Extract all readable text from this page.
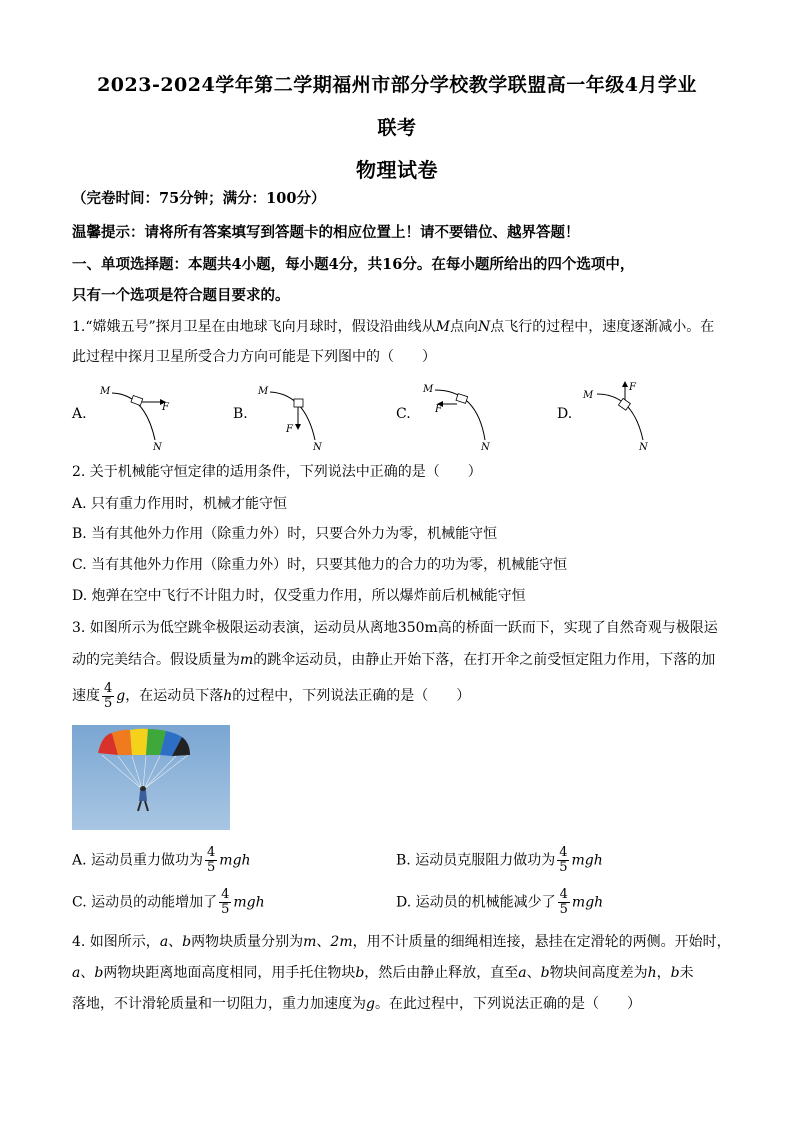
2023-2024学年第二学期福州市部分学校教学联盟高一年级4月学业
联考
物理试卷
（完卷时间：75分钟；满分：100分）
温馨提示：请将所有答案填写到答题卡的相应位置上！请不要错位、越界答题！
一、单项选择题：本题共4小题，每小题4分，共16分。在每小题所给出的四个选项中，
只有一个选项是符合题目要求的。
1.“嫦娥五号”探月卫星在由地球飞向月球时，假设沿曲线从M点向N点飞行的过程中，速度逐渐减小。在
此过程中探月卫星所受合力方向可能是下列图中的（　　）
A.
M
N
F	B.
M
N
F
C.
M
N
F	D.
M
N
F
2. 关于机械能守恒定律的适用条件，下列说法中正确的是（　　）
A. 只有重力作用时，机械才能守恒
B. 当有其他外力作用（除重力外）时，只要合外力为零，机械能守恒
C. 当有其他外力作用（除重力外）时，只要其他力的合力的功为零，机械能守恒
D. 炮弹在空中飞行不计阻力时，仅受重力作用，所以爆炸前后机械能守恒
3. 如图所示为低空跳伞极限运动表演，运动员从离地350m高的桥面一跃而下，实现了自然奇观与极限运
动的完美结合。假设质量为m的跳伞运动员，由静止开始下落，在打开伞之前受恒定阻力作用，下落的加
速度 $\frac{4}{5}$ g，在运动员下落h的过程中，下列说法正确的是（　　）
A. 运动员重力做功为 $\frac{4}{5}$ mgh	B. 运动员克服阻力做功为 $\frac{4}{5}$ mgh
C. 运动员的动能增加了 $\frac{4}{5}$ mgh	D. 运动员的机械能减少了 $\frac{4}{5}$ mgh
4. 如图所示，a、b两物块质量分别为m、2m，用不计质量的细绳相连接，悬挂在定滑轮的两侧。开始时，
a、b两物块距离地面高度相同，用手托住物块b，然后由静止释放，直至a、b物块间高度差为h，b未
落地，不计滑轮质量和一切阻力，重力加速度为g。在此过程中，下列说法正确的是（　　）
